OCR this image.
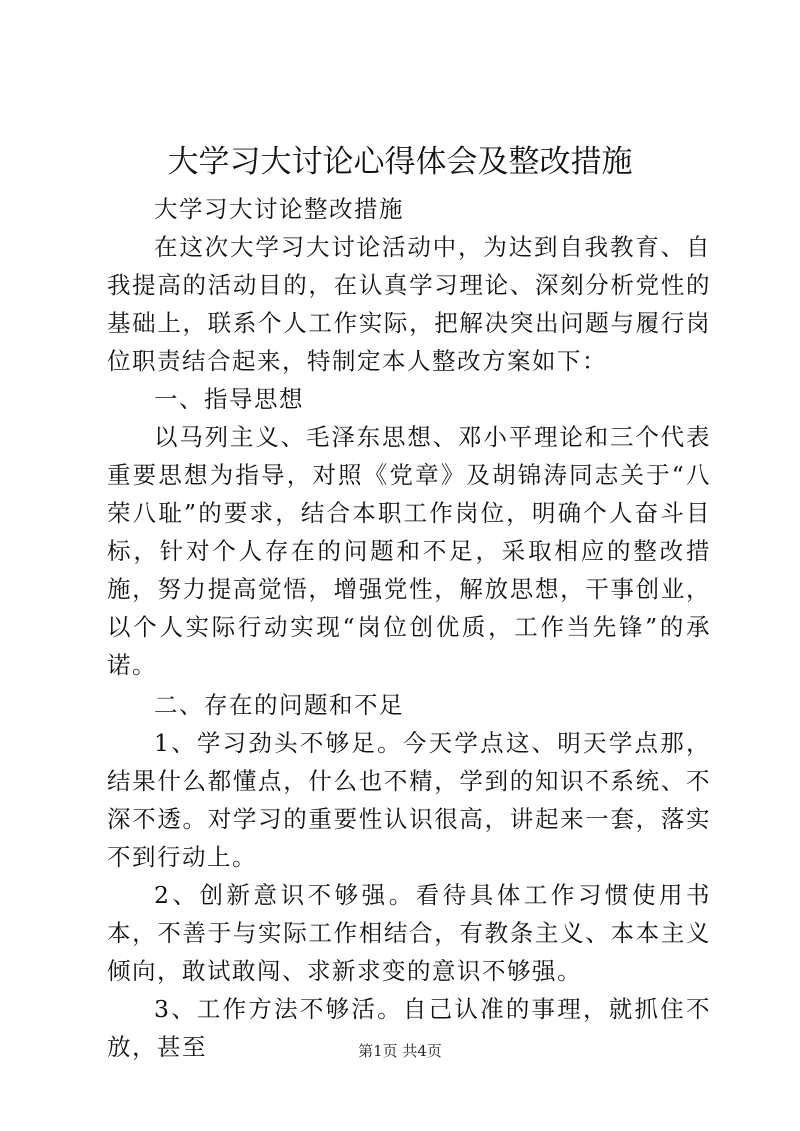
大学习大讨论心得体会及整改措施

大学习大讨论整改措施

在这次大学习大讨论活动中，为达到自我教育、自我提高的活动目的，在认真学习理论、深刻分析党性的基础上，联系个人工作实际，把解决突出问题与履行岗位职责结合起来，特制定本人整改方案如下：

一、指导思想

以马列主义、毛泽东思想、邓小平理论和三个代表重要思想为指导，对照《党章》及胡锦涛同志关于“八荣八耻”的要求，结合本职工作岗位，明确个人奋斗目标，针对个人存在的问题和不足，采取相应的整改措施，努力提高觉悟，增强党性，解放思想，干事创业，以个人实际行动实现“岗位创优质，工作当先锋”的承诺。

二、存在的问题和不足

1、学习劲头不够足。今天学点这、明天学点那，结果什么都懂点，什么也不精，学到的知识不系统、不深不透。对学习的重要性认识很高，讲起来一套，落实不到行动上。

2、创新意识不够强。看待具体工作习惯使用书本，不善于与实际工作相结合，有教条主义、本本主义倾向，敢试敢闯、求新求变的意识不够强。

3、工作方法不够活。自己认准的事理，就抓住不放，甚至	第1页 共4页
